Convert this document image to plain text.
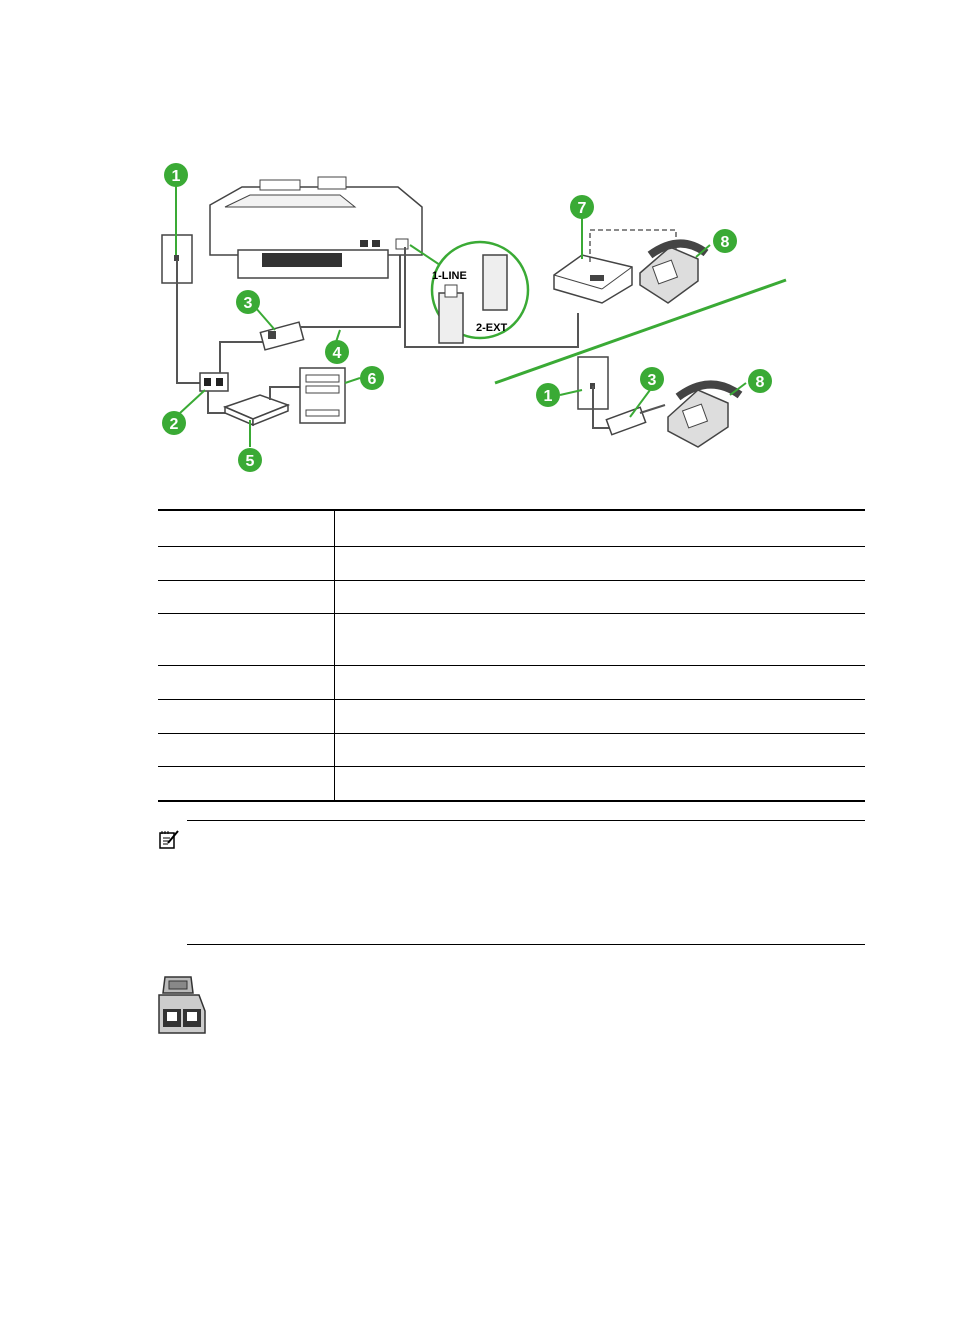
1-LINE
2-EXT
1
2
3
4
5
6
7
8
1
3	8
